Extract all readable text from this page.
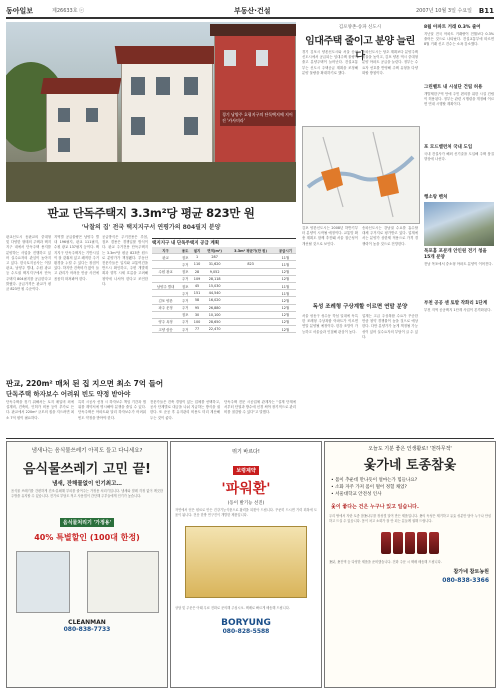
동아일보	제26633호 ⓒ	부동산·건설	2007년 10월 3일 수요일 B11
경기 남양주 호평지구의 단독택지에 지어진 '카사미라'
판교 단독주택지 3.3m²당 평균 823만 원
'낙찰의 집' 전국 택지지구서 연평가의 804필지 분양
판교신도시 동판교의 중대형 및 다양한 형태의 주택과 택지지구 내에서 단독주택 용지를 분양하는 사업을 진행하고 있어 실수요자의 관심이 높아지고 있다. 한국토지공사는 이달 판교, 남양주 별내, 수원 광교 등 수도권 택지지구에서 단독주택지 804필지를 공급한다고 밝혔다. 공급가격은 판교가 평균 823만 원 수준이다.
지역별 공급물량은 남양주 별내 196필지, 판교 111필지, 수원 광교 137필지 등이다. 택지지구 단독주택지는 기반시설이 잘 갖춰져 있고 쾌적한 주거환경을 누릴 수 있다는 장점이 있다. 하지만 건축비가 많이 들고 관리가 어려운 만큼 사전에 꼼꼼히 따져봐야 한다.
공급방식은 주거전용은 추첨, 점포 겸용은 경쟁입찰 방식이다. 판교 주거전용 단독주택지는 3.3m²당 평균 823만 원으로 분양가가 책정됐다. 부동산 전문가들은 입지와 교통여건을 반드시 확인하고, 주변 개발계획과 향후 시세 흐름을 고려해 청약에 나서야 한다고 조언한다.
택지지구 내 단독주택지 공급 계획
지구	용도	필지	면적(m²)	3.3m² 평균가(만 원)	공급시기
판교	점포	1	287		11월
	주거	110	31,620	823	11월
수원 광교	점포	28	9,052		12월
	주거	109	28,118		12월
남양주 별내	점포	45	15,030		11월
	주거	151	44,540		11월
김포 양촌	주거	58	16,020		12월
파주 운정	주거	95	26,880		12월
	점포	30	10,100		12월
양주 옥정	주거	100	28,650		12월
고양 삼송	주거	77	22,470		12월
판교, 220m² 매처 된 집 지으면 최소 7억 들어
단독주택 하자보수 어려워 빈도 약정 받아야
단독주택을 짓기 위해서는 토지 매입비 외에 설계비, 건축비, 인허가 비용 등이 추가로 든다. 판교에서 220m² 규모의 집을 지으려면 최소 7억 원이 필요하다.
특히 시공사 선정 시 하자보수 책임 기간과 범위를 계약서에 명시해야 분쟁을 줄일 수 있다. 단독주택은 아파트와 달리 하자보수가 어려워 빈도 약정을 받아야 한다.
전문가들은 건축 경험이 있는 업체를 선택하고, 공사 단계별로 대금을 나눠 지급하는 방식을 권한다. 또 준공 후 유지관리 비용도 미리 계산해 두는 것이 좋다.
단독주택 전문 시공업체 관계자는 "설계 단계에서부터 단열과 방수에 신경 써야 장기적으로 관리비를 절감할 수 있다"고 말했다.
김포양촌-송파 신도시
임대주택 줄이고 분양 늘린다
경기 김포시 양촌신도시와 서울 송파신도시에서 공급되는 임대주택 물량이 줄고 분양주택이 늘어난다. 건설교통부는 신도시 주택공급 계획을 조정해 분양 물량을 확대하기로 했다.
송파신도시는 당초 계획보다 분양주택 비율을 높이고, 김포 양촌 역시 중대형 분양 아파트 공급을 늘린다. 정부는 수요자 선호를 반영해 주택 유형을 다양화할 방침이다.
김포 양촌신도시는 2008년 하반기부터 분양이 시작될 예정이다. 교통망 확충 계획도 함께 추진돼 서울 접근성이 개선될 것으로 보인다.
송파신도시는 강남권 수요를 흡수할 대체 주거지로 평가받고 있다. 업계에서는 분양가 상한제 적용으로 가격 경쟁력이 높을 것으로 전망한다.
독성 조례형 구상계할 이르면 연말 분양
서울 성동구 성수동 뚝섬 일대에 독특한 조례형 주상복합 아파트가 이르면 연말 분양될 예정이다. 한강 조망이 가능하고 서울숲과 인접해 관심이 높다.
업계는 고급 주상복합 수요가 꾸준한 만큼 청약 경쟁률이 높을 것으로 예상한다. 다만 분양가가 높게 책정될 가능성이 있어 실수요자의 부담이 클 수 있다.
8월 아파트 거래 0.3% 줄어
지난달 전국 아파트 거래량이 전월보다 0.3% 줄어든 것으로 나타났다. 건설교통부에 따르면 8월 거래 신고 건수는 소폭 감소했다.
그린벨트 내 시설단 건립 허용
개발제한구역 안에 주민 편의를 위한 시설 건립이 허용된다. 정부는 관련 시행령을 개정해 이르면 연내 시행할 계획이다.
포 모드밸런처 국내 도입
국내 건설사가 해외 신기술을 도입해 주택 품질 향상에 나선다.
행소랑 벤처
목포홈 포분개 안인원 전기 청을 15개 분양
전남 목포에서 중소형 아파트 분양이 이어진다.
부천 공공 센 토발 작화리 1단계
부천 지역 공공택지 1단계 사업이 본격화된다.
냄새나는 음식물쓰레기 아직도 들고 다니세요?
음식물쓰레기 고민 끝!
냄새, 잔해물없이 인기최고…
음식물 쓰레기를 간편하게 건조·분쇄해 부피를 줄여주는 가정용 처리기입니다. 냄새와 벌레 걱정 없이 깨끗한 주방을 유지할 수 있습니다. 전기료 부담도 적고 사용법이 간단해 주부들에게 인기가 높습니다.
음식물처리기 '가정용'
40% 특별할인 (100대 한정)
CLEANMAN
080-838-7733
뛰기 바르다!
보령제약
'파워환'
(동이 발기능 선진)
자연에서 얻은 원료로 만든 건강기능식품으로 활력을 되찾아 드립니다. 꾸준히 드시면 기력 회복에 도움이 됩니다. 전문 한방 연구진이 개발한 제품입니다.
상담 및 주문은 아래 무료 전화로 문의해 주십시오. 택배로 빠르게 배송해 드립니다.
BORYUNG
080-828-5588
오늘도 기분 좋은 인생활로! '천하무적'
옻가네 토종참옻
• 몸이 추운데 만나듯이 얼마는가 힘들나요?
• 소화 자주 가져 몸이 떨어 정혈 채었?
• 서울대학교 안전성 인사
옻이 좋다는 건은 누구나 있고 일습니다.
우리 땅에서 자란 토종 참옻나무를 정성껏 달여 만든 제품입니다. 옻의 독성은 제거하고 유효 성분만 담아 누구나 안심하고 드실 수 있습니다. 몸이 차고 소화가 잘 안 되는 분들께 권해 드립니다.
옻닭, 옻진액 등 다양한 제품을 준비했습니다. 전화 주문 시 택배 배송해 드립니다.
참가네 참토농원
080-838-3366
